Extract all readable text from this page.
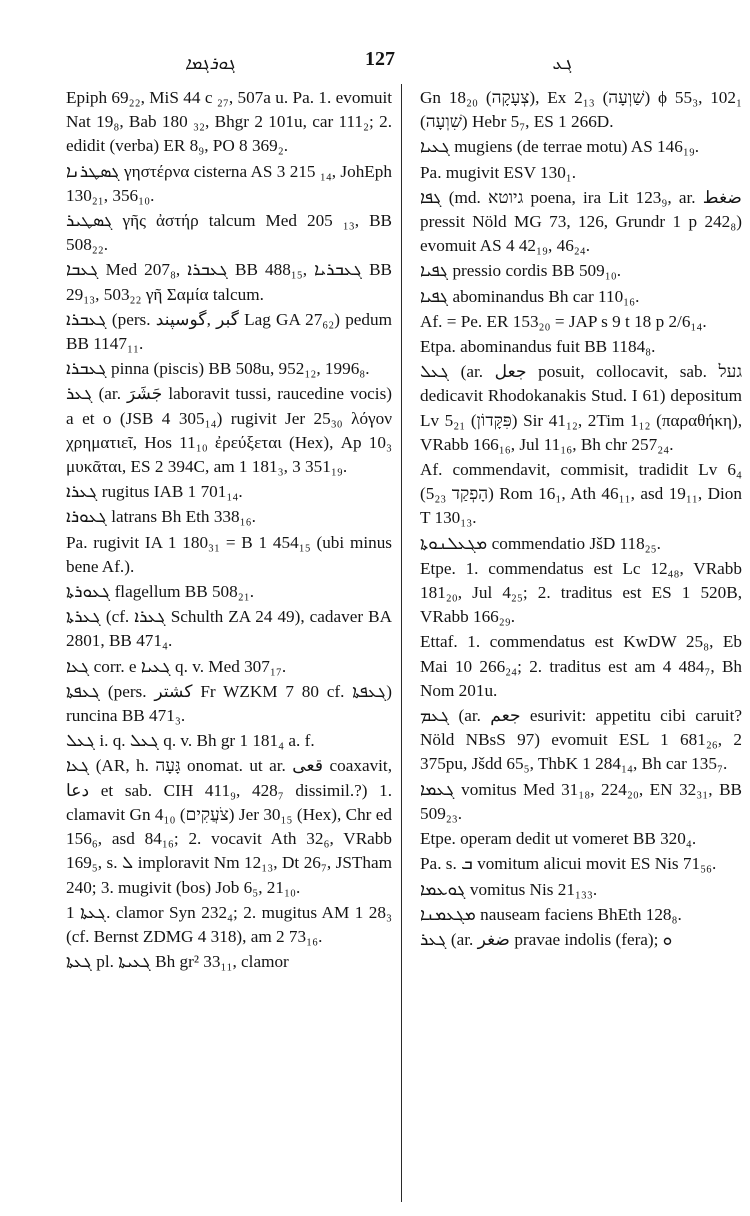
ܓܘܪܓܡܐ	127	ܓܥ

Epiph 69₂₂, MiS 44 c ₂₇, 507a u. Pa. 1. evomuit Nat 19₈, Bab 180 ₃₂, Bhgr 2 101u, car 111₂; 2. edidit (verba) ER 8₉, PO 8 369₂.

ܓܣܛܪܢܐ γηστέρνα cisterna AS 3 215 ₁₄, JohEph 130₂₁, 356₁₀.

ܓܣܛܝܪ γῆς ἀστήρ talcum Med 205 ₁₃, BB 508₂₂.

ܓܥܒܐ Med 207₈, ܓܥܒܪܐ BB 488₁₅, ܓܥܒܪܝܐ BB 29₁₃, 503₂₂ γῆ Σαμία talcum.

ܓܥܒܪܐ (pers. گبر ,گوسپند Lag GA 27₆₂) pedum BB 1147₁₁.

ܓܥܒܪܐ pinna (piscis) BB 508u, 952₁₂, 1996₈.

ܓܥܪ (ar. جَشَرَ laboravit tussi, raucedine vocis) a et o (JSB 4 305₁₄) rugivit Jer 25₃₀ λόγον χρηματιεῖ, Hos 11₁₀ ἐρεύξεται (Hex), Ap 10₃ μυκᾶται, ES 2 394C, am 1 181₃, 3 351₁₉.

ܓܥܪܐ rugitus IAB 1 701₁₄.

ܓܥܘܪܐ latrans Bh Eth 338₁₆.

Pa. rugivit IA 1 180₃₁ = B 1 454₁₅ (ubi minus bene Af.).

ܓܥܘܪܬܐ flagellum BB 508₂₁.

ܓܥܪܬܐ (cf. ܓܥܪܐ Schulth ZA 24 49), cadaver BA 2801, BB 471₄.

ܓܥܐ corr. e ܓܥܝܐ q. v. Med 307₁₇.

ܓܥܦܬܐ (pers. كشتر Fr WZKM 7 80 cf. ܓܥܦܬܐ) runcina BB 471₃.

ܓܥܠ i. q. ܓܥܠ q. v. Bh gr 1 181₄ a. f.

ܓܥܐ (AR, h. גָּעָה onomat. ut ar. قعى coaxavit, دعا et sab. CIH 411₉, 428₇ dissimil.?) 1. clamavit Gn 4₁₀ (צֹעֲקִים) Jer 30₁₅ (Hex), Chr ed 156₆, asd 84₁₆; 2. vocavit Ath 32₆, VRabb 169₅, s. ܠ imploravit Nm 12₁₃, Dt 26₇, JSTham 240; 3. mugivit (bos) Job 6₅, 21₁₀.

ܓܥܬܐ 1. clamor Syn 232₄; 2. mugitus AM 1 28₃ (cf. Bernst ZDMG 4 318), am 2 73₁₆.

ܓܥܬܐ pl. ܓܥܝܬܐ Bh gr² 33₁₁, clamor

Gn 18₂₀ (צְעָקָה), Ex 2₁₃ (שַׁוְעָה) ϕ 55₃, 102₁ (שִׁוְעָה) Hebr 5₇, ES 1 266D.

ܓܥܝܐ mugiens (de terrae motu) AS 146₁₉.

Pa. mugivit ESV 130₁.

ܓܦܐ (md. גיוטא poena, ira Lit 123₉, ar. ضغط pressit Nöld MG 73, 126, Grundr 1 p 242₈) evomuit AS 4 42₁₉, 46₂₄.

ܓܦܝܐ pressio cordis BB 509₁₀.

ܓܦܝܐ abominandus Bh car 110₁₆.

Af. = Pe. ER 153₂₀ = JAP s 9 t 18 p 2/6₁₄.

Etpa. abominandus fuit BB 1184₈.

ܓܥܠ (ar. جعل posuit, collocavit, sab. געל dedicavit Rhodokanakis Stud. I 61) depositum Lv 5₂₁ (פִּקָּדוֹן) Sir 41₁₂, 2Tim 1₁₂ (παραθήκη), VRabb 166₁₆, Jul 11₁₆, Bh chr 257₂₄.

Af. commendavit, commisit, tradidit Lv 6₄ (5₂₃ הָפְקַד) Rom 16₁, Ath 46₁₁, asd 19₁₁, Dion T 130₁₃.

ܡܓܥܠܢܘܬܐ commendatio JšD 118₂₅.

Etpe. 1. commendatus est Lc 12₄₈, VRabb 181₂₀, Jul 4₂₅; 2. traditus est ES 1 520B, VRabb 166₂₉.

Ettaf. 1. commendatus est KwDW 25₈, Eb Mai 10 266₂₄; 2. traditus est am 4 484₇, Bh Nom 201u.

ܓܥܡ (ar. جعم esurivit: appetitu cibi caruit? Nöld NBsS 97) evomuit ESL 1 681₂₆, 2 375pu, Jšdd 65₅, ThbK 1 284₁₄, Bh car 135₇.

ܓܥܡܐ vomitus Med 31₁₈, 224₂₀, EN 32₃₁, BB 509₂₃.

Etpe. operam dedit ut vomeret BB 320₄.

Pa. s. ܒ vomitum alicui movit ES Nis 71₅₆.

ܓܘܥܡܐ vomitus Nis 21₁₃₃.

ܡܓܥܡܢܐ nauseam faciens BhEth 128₈.

ܓܥܪ (ar. ضغر pravae indolis (fera); ܘ
